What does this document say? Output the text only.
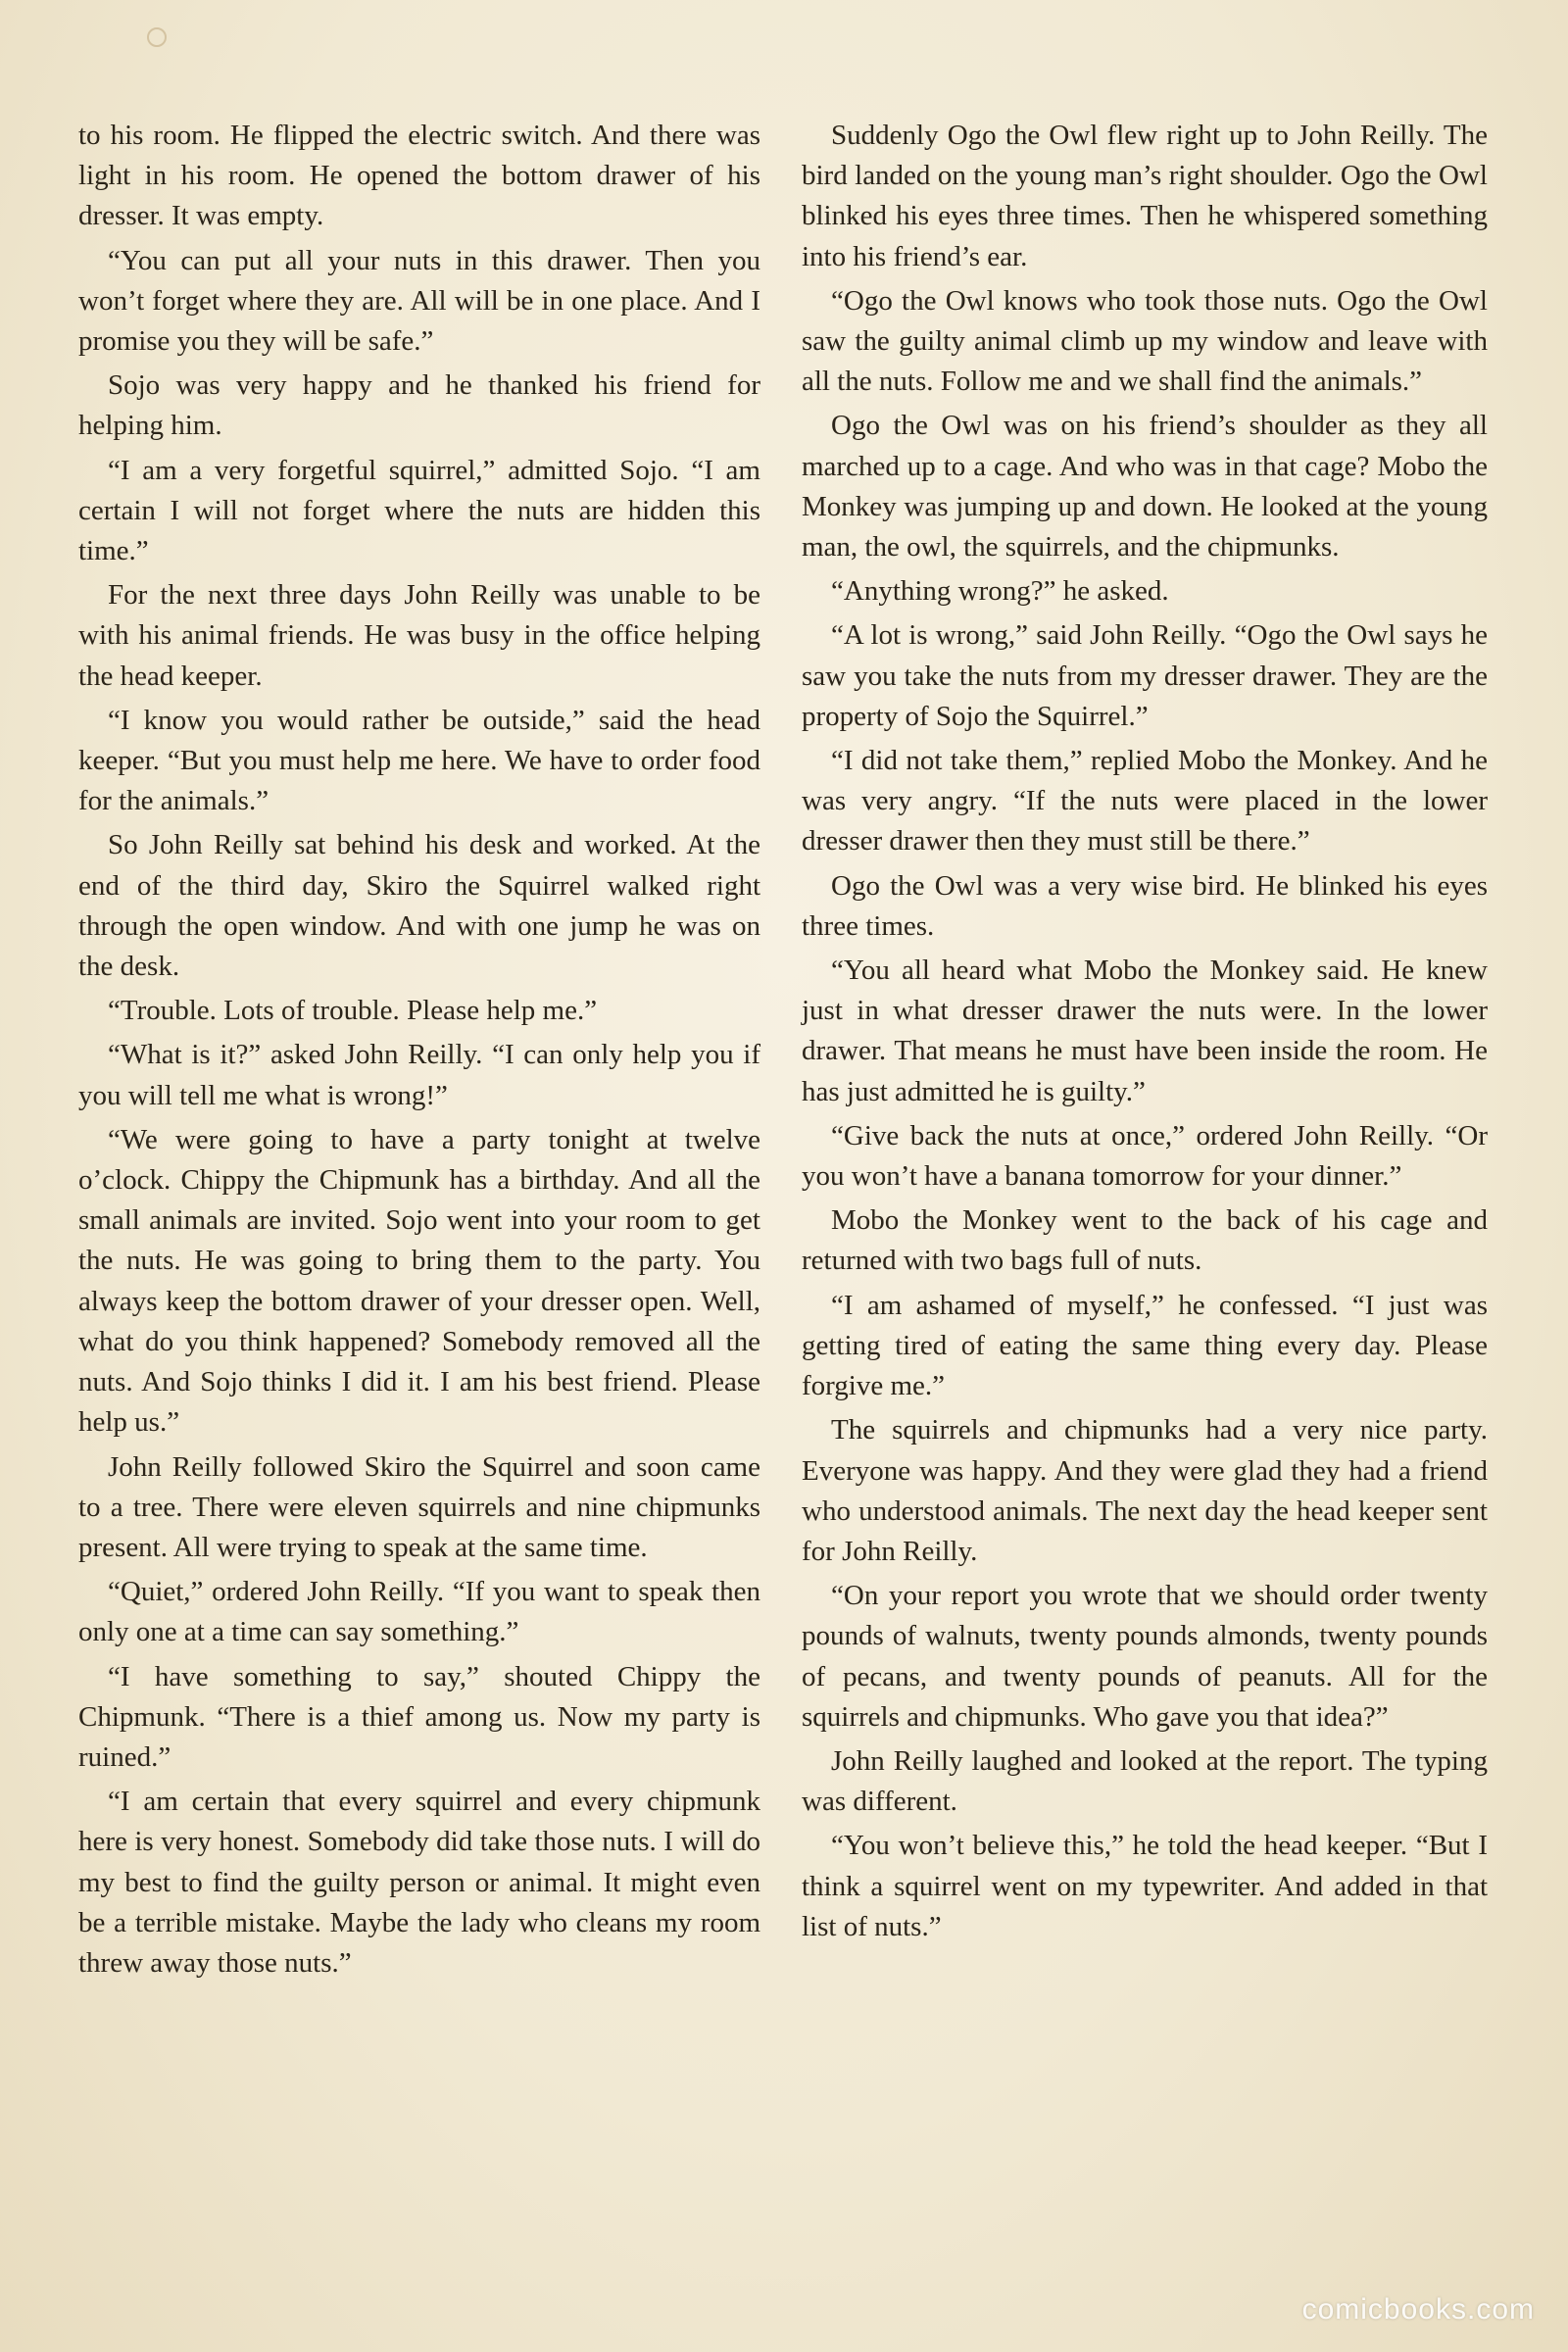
to his room. He flipped the electric switch. And there was light in his room. He opened the bottom drawer of his dresser. It was empty.

“You can put all your nuts in this drawer. Then you won’t forget where they are. All will be in one place. And I promise you they will be safe.”

Sojo was very happy and he thanked his friend for helping him.

“I am a very forgetful squirrel,” admitted Sojo. “I am certain I will not forget where the nuts are hidden this time.”

For the next three days John Reilly was unable to be with his animal friends. He was busy in the office helping the head keeper.

“I know you would rather be outside,” said the head keeper. “But you must help me here. We have to order food for the animals.”

So John Reilly sat behind his desk and worked. At the end of the third day, Skiro the Squirrel walked right through the open window. And with one jump he was on the desk.

“Trouble. Lots of trouble. Please help me.”

“What is it?” asked John Reilly. “I can only help you if you will tell me what is wrong!”

“We were going to have a party tonight at twelve o’clock. Chippy the Chipmunk has a birthday. And all the small animals are invited. Sojo went into your room to get the nuts. He was going to bring them to the party. You always keep the bottom drawer of your dresser open. Well, what do you think happened? Somebody removed all the nuts. And Sojo thinks I did it. I am his best friend. Please help us.”

John Reilly followed Skiro the Squirrel and soon came to a tree. There were eleven squirrels and nine chipmunks present. All were trying to speak at the same time.

“Quiet,” ordered John Reilly. “If you want to speak then only one at a time can say something.”

“I have something to say,” shouted Chippy the Chipmunk. “There is a thief among us. Now my party is ruined.”

“I am certain that every squirrel and every chipmunk here is very honest. Somebody did take those nuts. I will do my best to find the guilty person or animal. It might even be a terrible mistake. Maybe the lady who cleans my room threw away those nuts.”

Suddenly Ogo the Owl flew right up to John Reilly. The bird landed on the young man’s right shoulder. Ogo the Owl blinked his eyes three times. Then he whispered something into his friend’s ear.

“Ogo the Owl knows who took those nuts. Ogo the Owl saw the guilty animal climb up my window and leave with all the nuts. Follow me and we shall find the animals.”

Ogo the Owl was on his friend’s shoulder as they all marched up to a cage. And who was in that cage? Mobo the Monkey was jumping up and down. He looked at the young man, the owl, the squirrels, and the chipmunks.

“Anything wrong?” he asked.

“A lot is wrong,” said John Reilly. “Ogo the Owl says he saw you take the nuts from my dresser drawer. They are the property of Sojo the Squirrel.”

“I did not take them,” replied Mobo the Monkey. And he was very angry. “If the nuts were placed in the lower dresser drawer then they must still be there.”

Ogo the Owl was a very wise bird. He blinked his eyes three times.

“You all heard what Mobo the Monkey said. He knew just in what dresser drawer the nuts were. In the lower drawer. That means he must have been inside the room. He has just admitted he is guilty.”

“Give back the nuts at once,” ordered John Reilly. “Or you won’t have a banana tomorrow for your dinner.”

Mobo the Monkey went to the back of his cage and returned with two bags full of nuts.

“I am ashamed of myself,” he confessed. “I just was getting tired of eating the same thing every day. Please forgive me.”

The squirrels and chipmunks had a very nice party. Everyone was happy. And they were glad they had a friend who understood animals. The next day the head keeper sent for John Reilly.

“On your report you wrote that we should order twenty pounds of walnuts, twenty pounds almonds, twenty pounds of pecans, and twenty pounds of peanuts. All for the squirrels and chipmunks. Who gave you that idea?”

John Reilly laughed and looked at the report. The typing was different.

“You won’t believe this,” he told the head keeper. “But I think a squirrel went on my typewriter. And added in that list of nuts.”

comicbooks.com
